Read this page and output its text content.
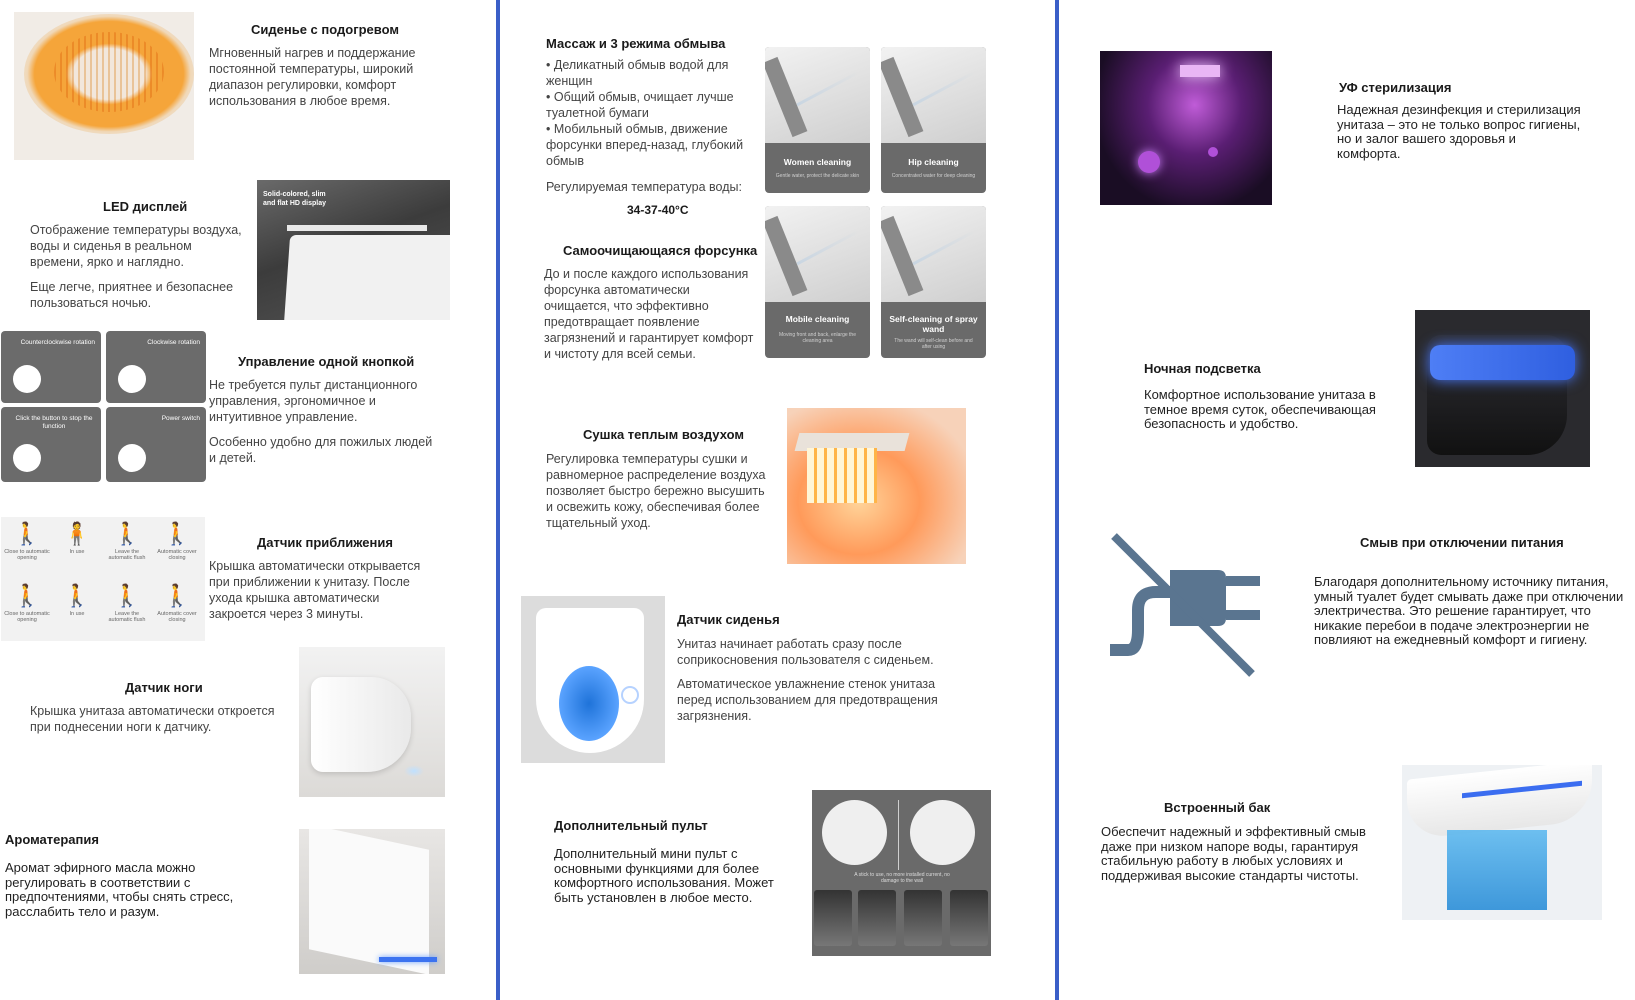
Сиденье с подогревом
Мгновенный нагрев и поддержание постоянной температуры, широкий диапазон регулировки, комфорт использования в любое время.
LED дисплей
Отображение температуры воздуха, воды и сиденья в реальном времени, ярко и наглядно.
Еще легче, приятнее и безопаснее пользоваться ночью.
Solid-colored, slim and flat HD display
Counterclockwise rotation	Clockwise rotation
Click the button to stop the function
Power switch
Управление одной кнопкой
Не требуется пульт дистанционного управления, эргономичное и интуитивное управление.
Особенно удобно для пожилых людей и детей.
🚶
Close to automatic opening
🧍
In use
🚶
Leave the automatic flush
🚶
Automatic cover closing
🚶
Close to automatic opening
🚶
In use
🚶
Leave the automatic flush
🚶
Automatic cover closing
Датчик приближения
Крышка автоматически открывается при приближении к унитазу. После ухода крышка автоматически закроется через 3 минуты.
Датчик ноги
Крышка унитаза автоматически откроется при поднесении ноги к датчику.
Ароматерапия
Аромат эфирного масла можно регулировать в соответствии с предпочтениями, чтобы снять стресс, расслабить тело и разум.
Массаж и 3 режима обмыва
• Деликатный обмыв водой для женщин
• Общий обмыв, очищает лучше туалетной бумаги
• Мобильный обмыв, движение форсунки вперед-назад, глубокий обмыв
Регулируемая температура воды:
34-37-40°C
Women cleaning
Gentle water, protect the delicate skin
Hip cleaning
Concentrated water for deep cleaning
Mobile cleaning
Moving front and back, enlarge the cleaning area
Self-cleaning of spray wand
The wand will self-clean before and after using
Самоочищающаяся форсунка
До и после каждого использования форсунка автоматически очищается, что эффективно предотвращает появление загрязнений и гарантирует комфорт и чистоту для всей семьи.
Сушка теплым воздухом
Регулировка температуры сушки и равномерное распределение воздуха позволяет быстро бережно высушить и освежить кожу, обеспечивая более тщательный уход.
Датчик сиденья
Унитаз начинает работать сразу после соприкосновения пользователя с сиденьем.
Автоматическое увлажнение стенок унитаза перед использованием для предотвращения загрязнения.
Дополнительный пульт
Дополнительный мини пульт с основными функциями для более комфортного использования. Может быть установлен в любое место.
A stick to use, no more installed current, no damage to the wall
УФ стерилизация
Надежная дезинфекция и стерилизация унитаза – это не только вопрос гигиены, но и залог вашего здоровья и комфорта.
Ночная подсветка
Комфортное использование унитаза в темное время суток, обеспечивающая безопасность и удобство.
Смыв при отключении питания
Благодаря дополнительному источнику питания, умный туалет будет смывать даже при отключении электричества. Это решение гарантирует, что никакие перебои в подаче электроэнергии не повлияют на ежедневный комфорт и гигиену.
Встроенный бак
Обеспечит надежный и эффективный смыв даже при низком напоре воды, гарантируя стабильную работу в любых условиях и поддерживая высокие стандарты чистоты.
